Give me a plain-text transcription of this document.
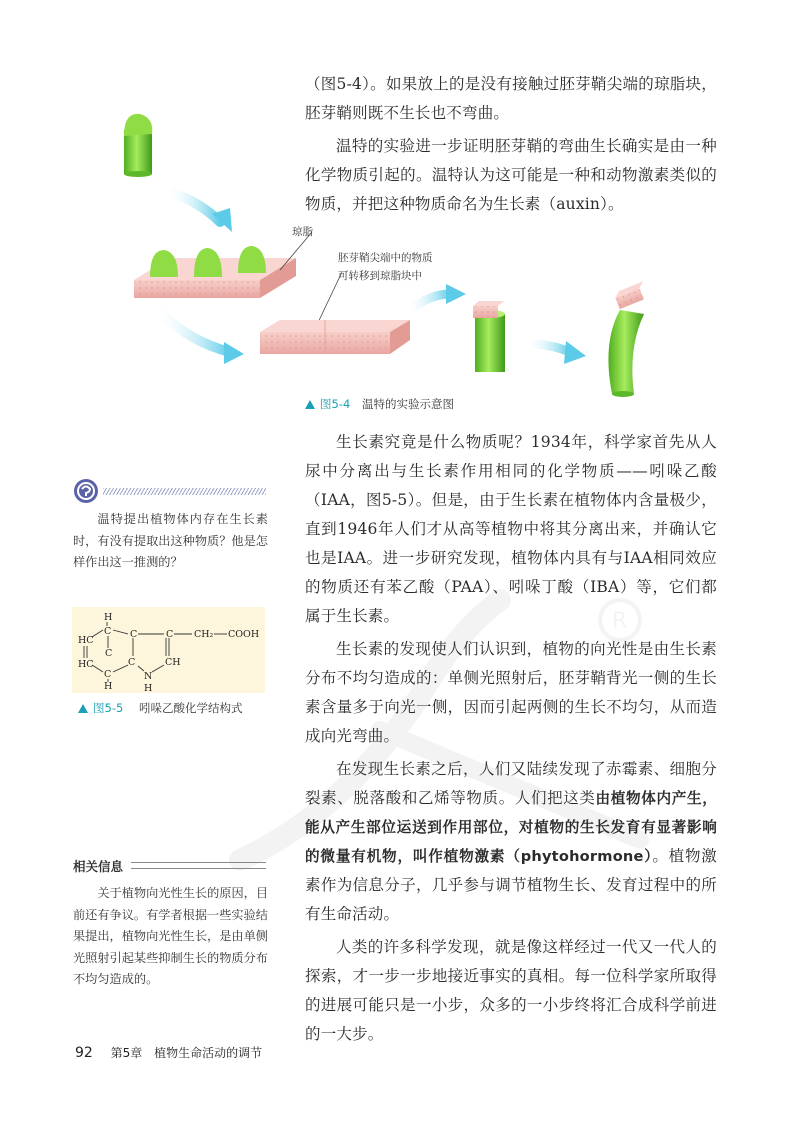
R

（图5-4）。如果放上的是没有接触过胚芽鞘尖端的琼脂块，胚芽鞘则既不生长也不弯曲。

温特的实验进一步证明胚芽鞘的弯曲生长确实是由一种化学物质引起的。温特认为这可能是一种和动物激素类似的物质，并把这种物质命名为生长素（auxin）。

琼脂
胚芽鞘尖端中的物质
可转移到琼脂块中
图5-4 温特的实验示意图

生长素究竟是什么物质呢？1934年，科学家首先从人尿中分离出与生长素作用相同的化学物质——吲哚乙酸（IAA，图5-5）。但是，由于生长素在植物体内含量极少，直到1946年人们才从高等植物中将其分离出来，并确认它也是IAA。进一步研究发现，植物体内具有与IAA相同效应的物质还有苯乙酸（PAA）、吲哚丁酸（IBA）等，它们都属于生长素。

生长素的发现使人们认识到，植物的向光性是由生长素分布不均匀造成的：单侧光照射后，胚芽鞘背光一侧的生长素含量多于向光一侧，因而引起两侧的生长不均匀，从而造成向光弯曲。

在发现生长素之后，人们又陆续发现了赤霉素、细胞分裂素、脱落酸和乙烯等物质。人们把这类由植物体内产生，能从产生部位运送到作用部位，对植物的生长发育有显著影响的微量有机物，叫作植物激素（phytohormone）。植物激素作为信息分子，几乎参与调节植物生长、发育过程中的所有生命活动。

人类的许多科学发现，就是像这样经过一代又一代人的探索，才一步一步地接近事实的真相。每一位科学家所取得的进展可能只是一小步，众多的一小步终将汇合成科学前进的一大步。

温特提出植物体内存在生长素时，有没有提取出这种物质？他是怎样作出这一推测的？

H
C	C
HC
C
C
CH₂ COOH
HC
C
CH
C
N
H	H
图5-5 吲哚乙酸化学结构式
相关信息

关于植物向光性生长的原因，目前还有争议。有学者根据一些实验结果提出，植物向光性生长，是由单侧光照射引起某些抑制生长的物质分布不均匀造成的。

92 第5章 植物生命活动的调节
